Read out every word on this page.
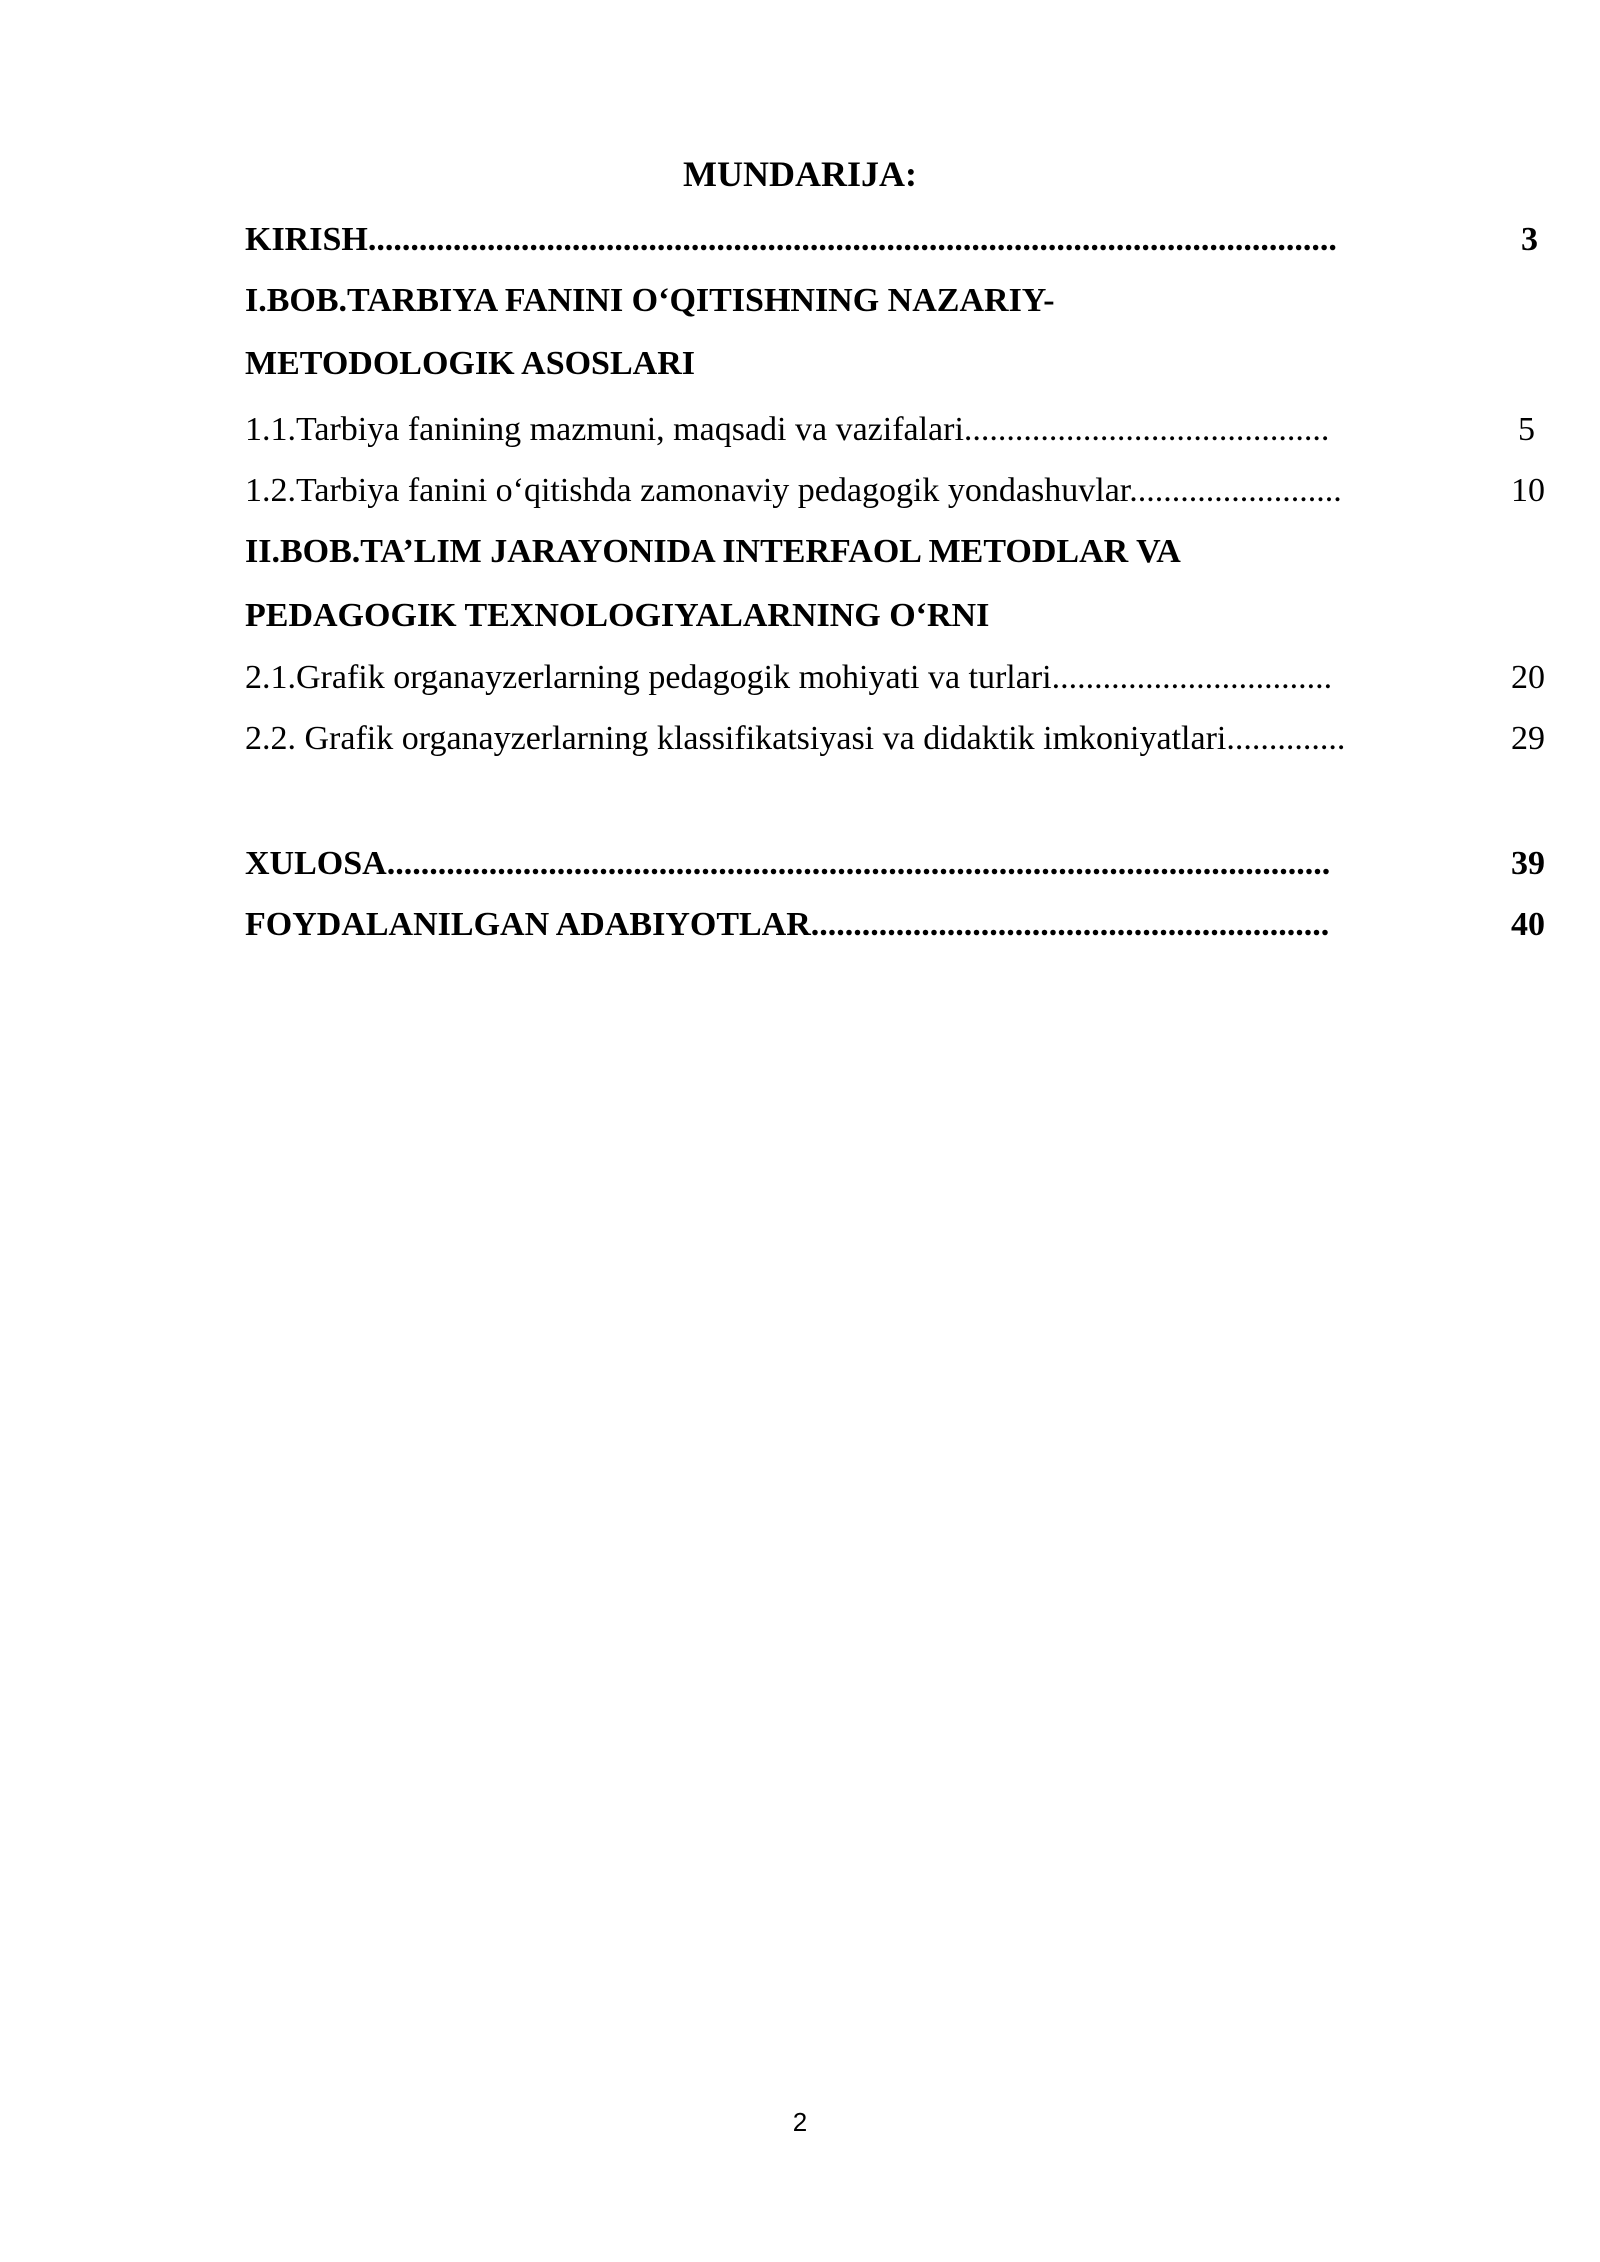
MUNDARIJA:
KIRISH..................................................................................................................	3
I.BOB.TARBIYA FANINI O‘QITISHNING NAZARIY-
METODOLOGIK ASOSLARI
1.1.Tarbiya fanining mazmuni, maqsadi va vazifalari...........................................	5
1.2.Tarbiya fanini o‘qitishda zamonaviy pedagogik yondashuvlar.........................	10
II.BOB.TA’LIM JARAYONIDA INTERFAOL METODLAR VA
PEDAGOGIK TEXNOLOGIYALARNING O‘RNI
2.1.Grafik organayzerlarning pedagogik mohiyati va turlari.................................	20
2.2. Grafik organayzerlarning klassifikatsiyasi va didaktik imkoniyatlari..............	29
XULOSA...............................................................................................................	39
FOYDALANILGAN ADABIYOTLAR.............................................................	40
2
